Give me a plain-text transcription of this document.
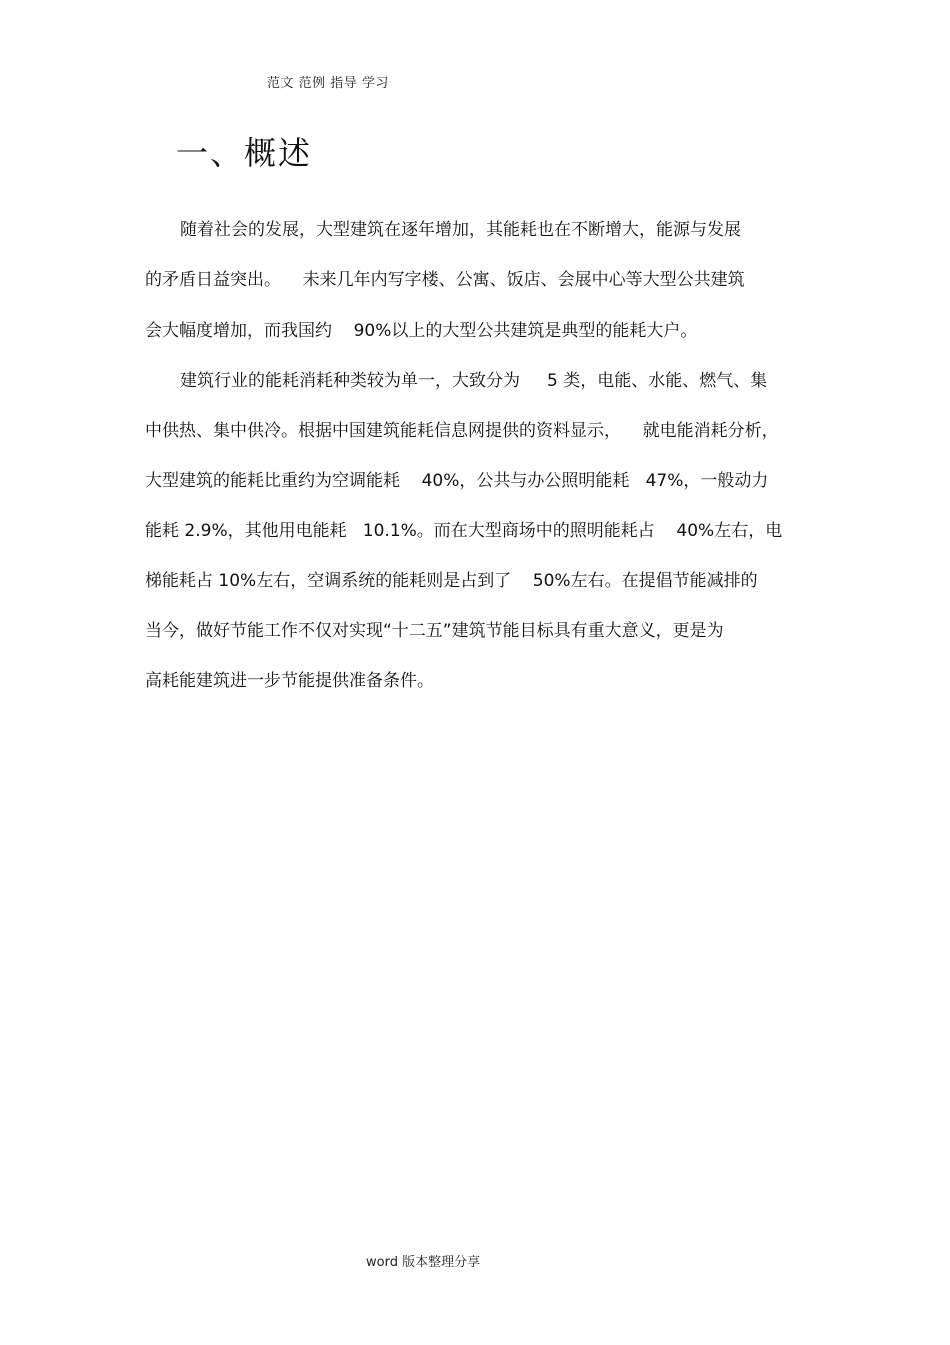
范文 范例 指导 学习
一、概述
随着社会的发展，大型建筑在逐年增加，其能耗也在不断增大，能源与发展
的矛盾日益突出。    未来几年内写字楼、公寓、饭店、会展中心等大型公共建筑
会大幅度增加，而我国约    90%以上的大型公共建筑是典型的能耗大户。
建筑行业的能耗消耗种类较为单一，大致分为     5 类，电能、水能、燃气、集
中供热、集中供冷。根据中国建筑能耗信息网提供的资料显示，    就电能消耗分析，
大型建筑的能耗比重约为空调能耗    40%，公共与办公照明能耗   47%，一般动力
能耗 2.9%，其他用电能耗   10.1%。而在大型商场中的照明能耗占    40%左右，电
梯能耗占 10%左右，空调系统的能耗则是占到了    50%左右。在提倡节能减排的
当今，做好节能工作不仅对实现“十二五”建筑节能目标具有重大意义，更是为
高耗能建筑进一步节能提供准备条件。
word 版本整理分享
